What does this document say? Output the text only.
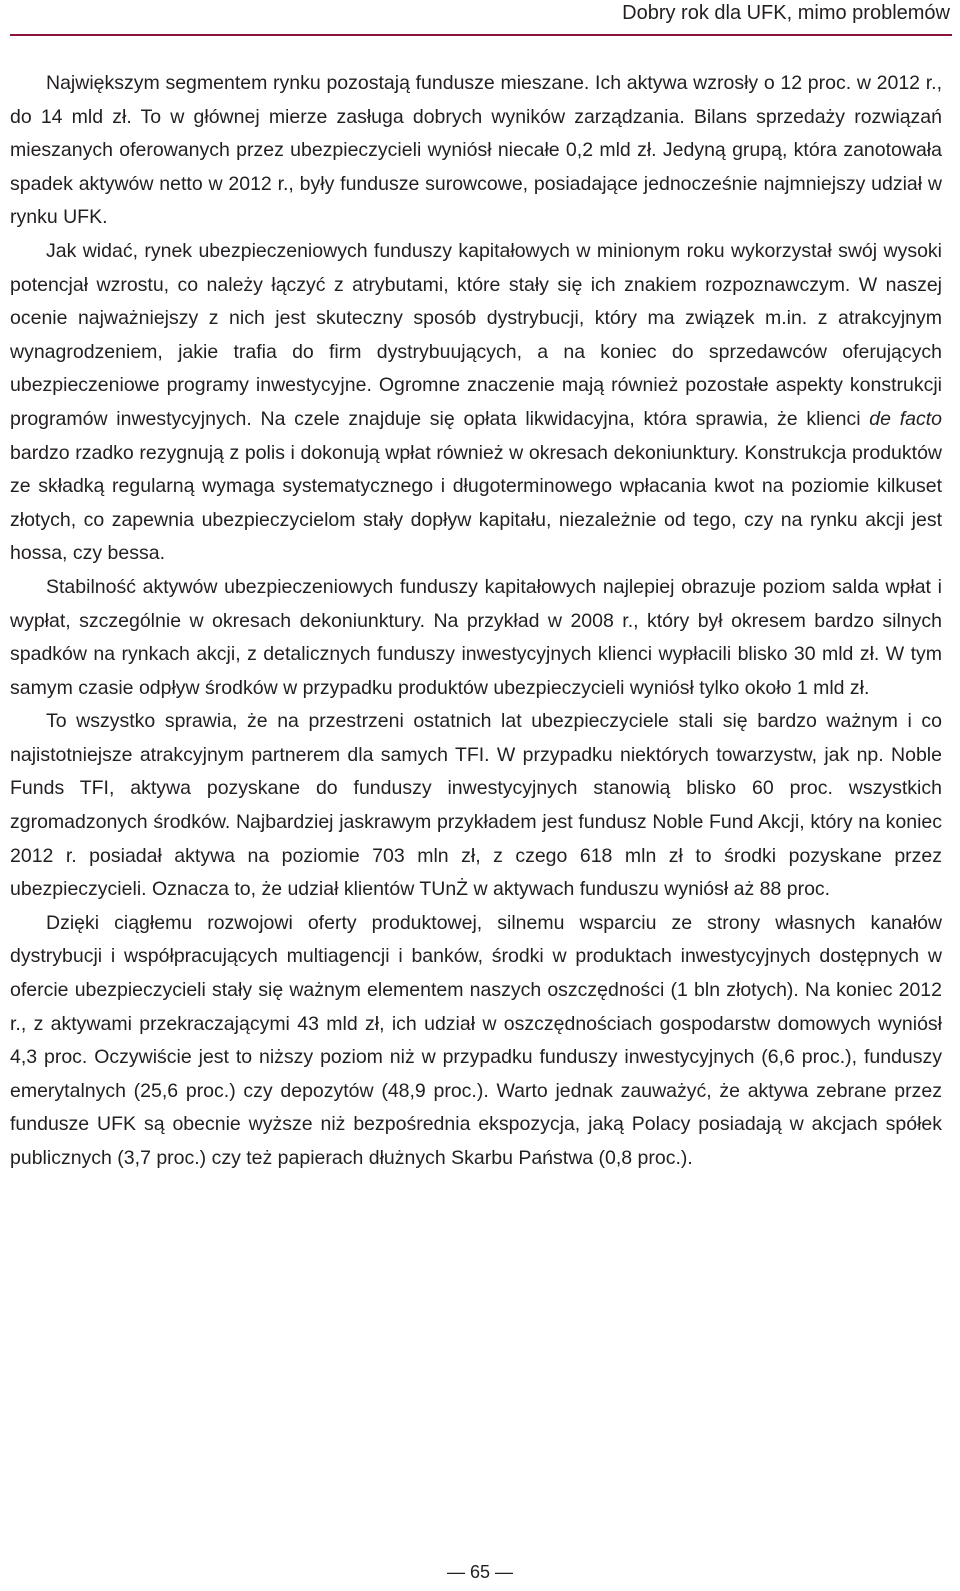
Dobry rok dla UFK, mimo problemów

Największym segmentem rynku pozostają fundusze mieszane. Ich aktywa wzrosły o 12 proc. w 2012 r., do 14 mld zł. To w głównej mierze zasługa dobrych wyników zarządzania. Bilans sprzedaży rozwiązań mieszanych oferowanych przez ubezpieczycieli wyniósł niecałe 0,2 mld zł. Jedyną grupą, która zanotowała spadek aktywów netto w 2012 r., były fundusze surowcowe, posiadające jednocześnie najmniejszy udział w rynku UFK.

Jak widać, rynek ubezpieczeniowych funduszy kapitałowych w minionym roku wykorzystał swój wysoki potencjał wzrostu, co należy łączyć z atrybutami, które stały się ich znakiem rozpoznawczym. W naszej ocenie najważniejszy z nich jest skuteczny sposób dystrybucji, który ma związek m.in. z atrakcyjnym wynagrodzeniem, jakie trafia do firm dystrybuujących, a na koniec do sprzedawców oferujących ubezpieczeniowe programy inwestycyjne. Ogromne znaczenie mają również pozostałe aspekty konstrukcji programów inwestycyjnych. Na czele znajduje się opłata likwidacyjna, która sprawia, że klienci de facto bardzo rzadko rezygnują z polis i dokonują wpłat również w okresach dekoniunktury. Konstrukcja produktów ze składką regularną wymaga systematycznego i długoterminowego wpłacania kwot na poziomie kilkuset złotych, co zapewnia ubezpieczycielom stały dopływ kapitału, niezależnie od tego, czy na rynku akcji jest hossa, czy bessa.

Stabilność aktywów ubezpieczeniowych funduszy kapitałowych najlepiej obrazuje poziom salda wpłat i wypłat, szczególnie w okresach dekoniunktury. Na przykład w 2008 r., który był okresem bardzo silnych spadków na rynkach akcji, z detalicznych funduszy inwestycyjnych klienci wypłacili blisko 30 mld zł. W tym samym czasie odpływ środków w przypadku produktów ubezpieczycieli wyniósł tylko około 1 mld zł.

To wszystko sprawia, że na przestrzeni ostatnich lat ubezpieczyciele stali się bardzo ważnym i co najistotniejsze atrakcyjnym partnerem dla samych TFI. W przypadku niektórych towarzystw, jak np. Noble Funds TFI, aktywa pozyskane do funduszy inwestycyjnych stanowią blisko 60 proc. wszystkich zgromadzonych środków. Najbardziej jaskrawym przykładem jest fundusz Noble Fund Akcji, który na koniec 2012 r. posiadał aktywa na poziomie 703 mln zł, z czego 618 mln zł to środki pozyskane przez ubezpieczycieli. Oznacza to, że udział klientów TUnŻ w aktywach funduszu wyniósł aż 88 proc.

Dzięki ciągłemu rozwojowi oferty produktowej, silnemu wsparciu ze strony własnych kanałów dystrybucji i współpracujących multiagencji i banków, środki w produktach inwestycyjnych dostępnych w ofercie ubezpieczycieli stały się ważnym elementem naszych oszczędności (1 bln złotych). Na koniec 2012 r., z aktywami przekraczającymi 43 mld zł, ich udział w oszczędnościach gospodarstw domowych wyniósł 4,3 proc. Oczywiście jest to niższy poziom niż w przypadku funduszy inwestycyjnych (6,6 proc.), funduszy emerytalnych (25,6 proc.) czy depozytów (48,9 proc.). Warto jednak zauważyć, że aktywa zebrane przez fundusze UFK są obecnie wyższe niż bezpośrednia ekspozycja, jaką Polacy posiadają w akcjach spółek publicznych (3,7 proc.) czy też papierach dłużnych Skarbu Państwa (0,8 proc.).

— 65 —
